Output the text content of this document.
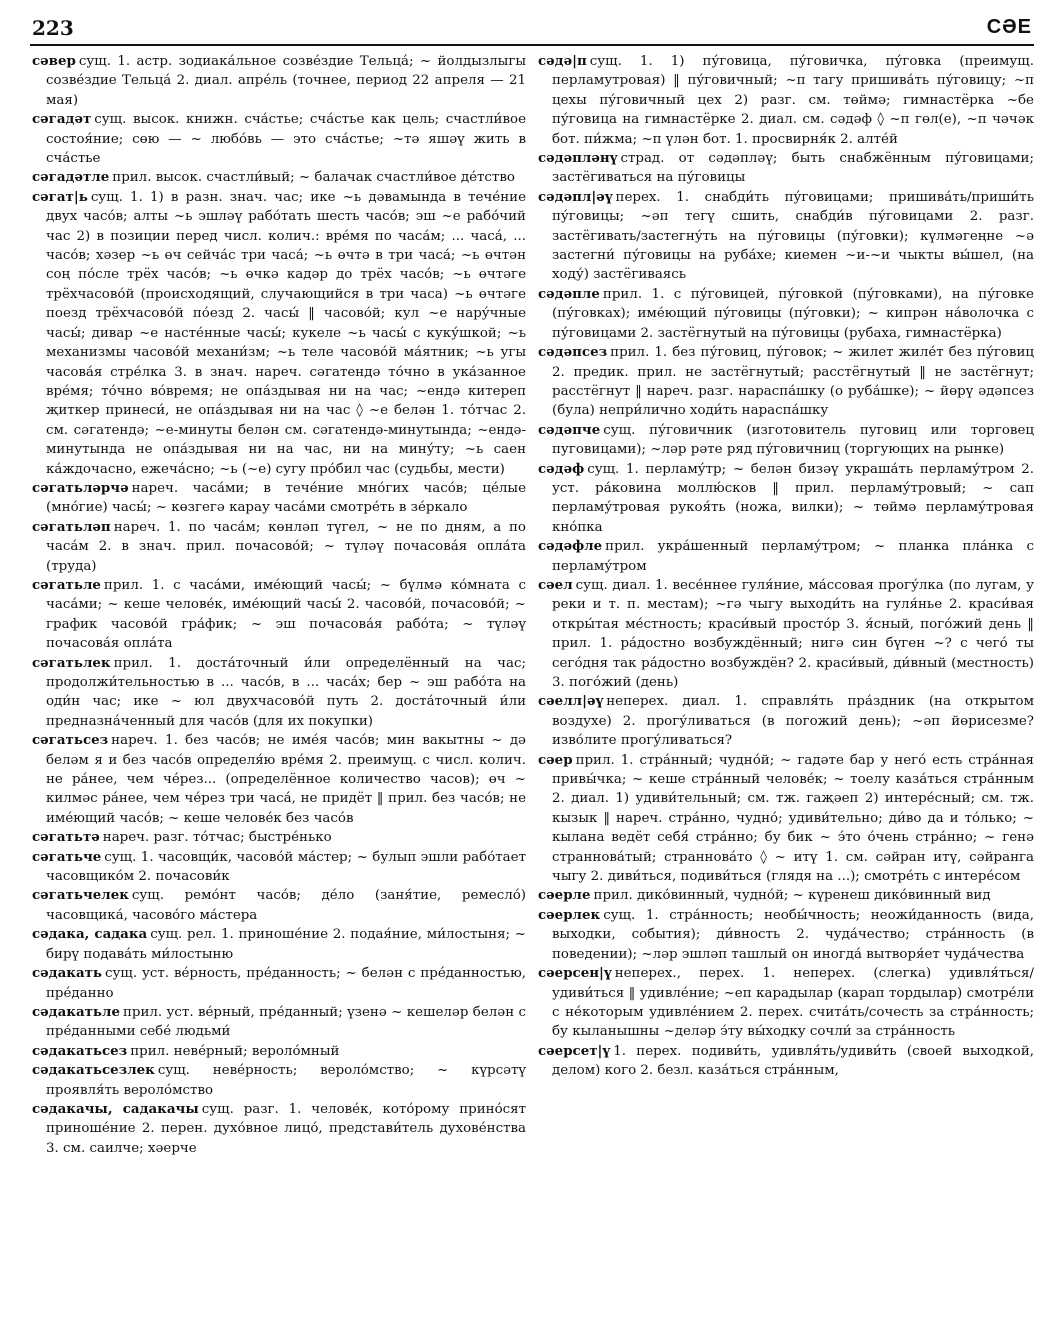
223	СӘЕ

сәвер сущ. 1. астр. зодиака́льное созве́здие Тельца́; ~ йолдызлыгы созве́здие Тельца́ 2. диал. апре́ль (точнее, период 22 апреля — 21 мая)

сәгадәт сущ. высок. книжн. сча́стье; сча́стье как цель; счастли́вое состоя́ние; сөю — ~ любо́вь — это сча́стье; ~тә яшәү жить в сча́стье

сәгадәтле прил. высок. счастли́вый; ~ балачак счастли́вое де́тство

сәгат|ь сущ. 1. 1) в разн. знач. час; ике ~ь дәвамында в тече́ние двух часо́в; алты ~ь эшләү рабо́тать шесть часо́в; эш ~е рабо́чий час 2) в позиции перед числ. колич.: вре́мя по часа́м; ... часа́, ... часо́в; хәзер ~ь өч сейча́с три часа́; ~ь өчтә в три часа́; ~ь өчтән соң по́сле трёх часо́в; ~ь өчкә кадәр до трёх часо́в; ~ь өчтәге трёхчасово́й (происходящий, случающийся в три часа) ~ь өчтәге поезд трёхчасово́й по́езд 2. часы́ ‖ часово́й; кул ~е нару́чные часы́; дивар ~е насте́нные часы́; кукеле ~ь часы́ с куку́шкой; ~ь механизмы часово́й механи́зм; ~ь теле часово́й ма́ятник; ~ь угы часова́я стре́лка 3. в знач. нареч. сәгатендә то́чно в ука́занное вре́мя; то́чно во́время; не опа́здывая ни на час; ~ендә китереп җиткер принеси́, не опа́здывая ни на час ◊ ~е белән 1. то́тчас 2. см. сәгатендә; ~е-минуты белән см. сәгатендә-минутында; ~ендә-минутында не опа́здывая ни на час, ни на мину́ту; ~ь саен ка́ждочасно, ежеча́сно; ~ь (~е) сугу про́бил час (судьбы, мести)

сәгатьләрчә нареч. часа́ми; в тече́ние мно́гих часо́в; це́лые (мно́гие) часы́; ~ көзгегә карау часа́ми смотре́ть в зе́ркало

сәгатьләп нареч. 1. по часа́м; көнләп түгел, ~ не по дням, а по часа́м 2. в знач. прил. почасово́й; ~ түләү почасова́я опла́та (труда)

сәгатьле прил. 1. с часа́ми, име́ющий часы́; ~ бүлмә ко́мната с часа́ми; ~ кеше челове́к, име́ющий часы́ 2. часово́й, почасово́й; ~ график часово́й гра́фик; ~ эш почасова́я рабо́та; ~ түләү почасова́я опла́та

сәгатьлек прил. 1. доста́точный и́ли определённый на час; продолжи́тельностью в ... часо́в, в ... часа́х; бер ~ эш рабо́та на оди́н час; ике ~ юл двухчасово́й путь 2. доста́точный и́ли предназна́ченный для часо́в (для их покупки)

сәгатьсез нареч. 1. без часо́в; не име́я часо́в; мин вакытны ~ дә беләм я и без часо́в определя́ю вре́мя 2. преимущ. с числ. колич. не ра́нее, чем че́рез... (определённое количество часов); өч ~ килмәс ра́нее, чем че́рез три часа́, не придёт ‖ прил. без часо́в; не име́ющий часо́в; ~ кеше челове́к без часо́в

сәгатьтә нареч. разг. то́тчас; быстре́нько

сәгатьче сущ. 1. часовщи́к, часово́й ма́стер; ~ булып эшли рабо́тает часовщико́м 2. почасови́к

сәгатьчелек сущ. ремо́нт часо́в; де́ло (заня́тие, ремесло́) часовщика́, часово́го ма́стера

сәдака, садака сущ. рел. 1. приноше́ние 2. подая́ние, ми́лостыня; ~ бирү подава́ть ми́лостыню

сәдакать сущ. уст. ве́рность, пре́данность; ~ белән с пре́данностью, пре́данно

сәдакатьле прил. уст. ве́рный, пре́данный; үзенә ~ кешеләр белән с пре́данными себе́ людьми́

сәдакатьсез прил. неве́рный; вероло́мный

сәдакатьсезлек сущ. неве́рность; вероло́мство; ~ күрсәтү проявля́ть вероло́мство

сәдакачы, садакачы сущ. разг. 1. челове́к, кото́рому прино́сят приноше́ние 2. перен. духо́вное лицо́, представи́тель духове́нства 3. см. саилче; хәерче

сәдә|п сущ. 1. 1) пу́говица, пу́говичка, пу́говка (преимущ. перламутровая) ‖ пу́говичный; ~п тагу пришива́ть пу́говицу; ~п цехы пу́говичный цех 2) разг. см. төймә; гимнастёрка ~бе пу́говица на гимнастёрке 2. диал. см. сәдәф ◊ ~п гөл(е), ~п чәчәк бот. пи́жма; ~п үлән бот. 1. просвирня́к 2. алте́й

сәдәпләнү страд. от сәдәпләү; быть снабжённым пу́говицами; застёгиваться на пу́говицы

сәдәпл|әү перех. 1. снабди́ть пу́говицами; пришива́ть/приши́ть пу́говицы; ~әп тегү сшить, снабди́в пу́говицами 2. разг. застёгивать/застегну́ть на пу́говицы (пу́говки); күлмәгеңне ~ә застегни́ пу́говицы на руба́хе; киемен ~и-~и чыкты вы́шел, (на ходу́) застёгиваясь

сәдәпле прил. 1. с пу́говицей, пу́говкой (пу́говками), на пу́говке (пу́говках); име́ющий пу́говицы (пу́говки); ~ кипрән на́волочка с пу́говицами 2. застёгнутый на пу́говицы (рубаха, гимнастёрка)

сәдәпсез прил. 1. без пу́говиц, пу́говок; ~ жилет жиле́т без пу́говиц 2. предик. прил. не застёгнутый; расстёгнутый ‖ не застёгнут; расстёгнут ‖ нареч. разг. нараспа́шку (о руба́шке); ~ йөрү әдәпсез (була) непри́лично ходи́ть нараспа́шку

сәдәпче сущ. пу́говичник (изготовитель пуговиц или торговец пуговицами); ~ләр рәте ряд пу́говичниц (торгующих на рынке)

сәдәф сущ. 1. перламу́тр; ~ белән бизәү украша́ть перламу́тром 2. уст. ра́ковина моллю́сков ‖ прил. перламу́тровый; ~ сап перламу́тровая рукоя́ть (ножа, вилки); ~ төймә перламу́тровая кно́пка

сәдәфле прил. укра́шенный перламу́тром; ~ планка пла́нка с перламу́тром

сәел сущ. диал. 1. весе́ннее гуля́ние, ма́ссовая прогу́лка (по лугам, у реки и т. п. местам); ~гә чыгу выходи́ть на гуля́нье 2. краси́вая откры́тая ме́стность; краси́вый просто́р 3. я́сный, пого́жий день ‖ прил. 1. ра́достно возбуждённый; нигә син бүген ~? с чего́ ты сего́дня так ра́достно возбуждён? 2. краси́вый, ди́вный (местность) 3. пого́жий (день)

сәелл|әү неперех. диал. 1. справля́ть пра́здник (на открытом воздухе) 2. прогу́ливаться (в погожий день); ~әп йөрисезме? изво́лите прогу́ливаться?

сәер прил. 1. стра́нный; чудно́й; ~ гадәте бар у него́ есть стра́нная привы́чка; ~ кеше стра́нный челове́к; ~ тоелу каза́ться стра́нным 2. диал. 1) удиви́тельный; см. тж. гаҗәеп 2) интере́сный; см. тж. кызык ‖ нареч. стра́нно, чудно́; удиви́тельно; ди́во да и то́лько; ~ кылана ведёт себя́ стра́нно; бу бик ~ э́то о́чень стра́нно; ~ генә страннова́тый; страннова́то ◊ ~ итү 1. см. сәйран итү, сәйранга чыгу 2. диви́ться, подиви́ться (глядя на ...); смотре́ть с интере́сом

сәерле прил. дико́винный, чудно́й; ~ күренеш дико́винный вид

сәерлек сущ. 1. стра́нность; необы́чность; неожи́данность (вида, выходки, события); ди́вность 2. чуда́чество; стра́нность (в поведении); ~ләр эшләп ташлый он иногда́ вытворя́ет чуда́чества

сәерсен|ү неперех., перех. 1. неперех. (слегка) удивля́ться/удиви́ться ‖ удивле́ние; ~еп карадылар (карап тордылар) смотре́ли с не́которым удивле́нием 2. перех. счита́ть/сочесть за стра́нность; бу кыланышны ~деләр э́ту вы́ходку сочли́ за стра́нность

сәерсет|ү 1. перех. подиви́ть, удивля́ть/удиви́ть (своей выходкой, делом) кого 2. безл. каза́ться стра́нным,
